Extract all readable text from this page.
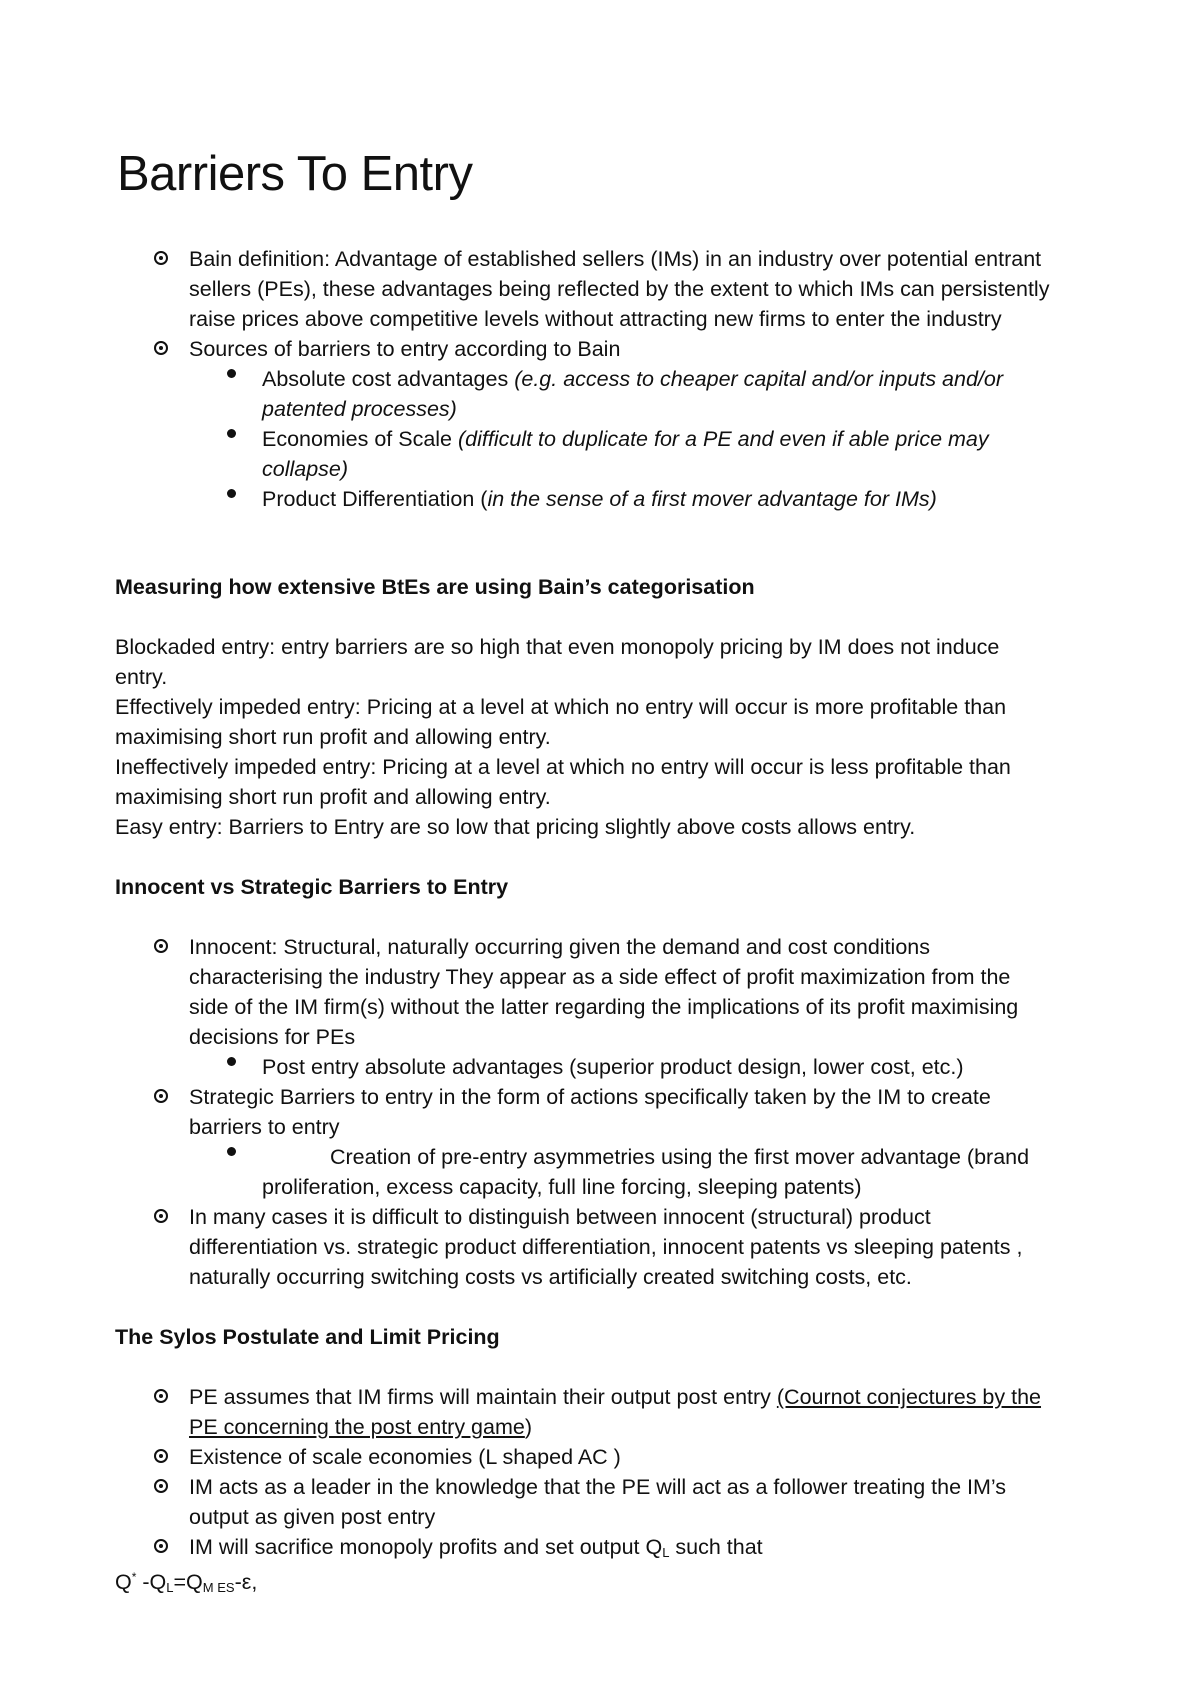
Barriers To Entry
Bain definition: Advantage of established sellers (IMs) in an industry over potential entrant
sellers (PEs), these advantages being reflected by the extent to which IMs can persistently
raise prices above competitive levels without attracting new firms to enter the industry
Sources of barriers to entry according to Bain
Absolute cost advantages (e.g. access to cheaper capital and/or inputs and/or
patented processes)
Economies of Scale (difficult to duplicate for a PE and even if able price may
collapse)
Product Differentiation (in the sense of a first mover advantage for IMs)
Measuring how extensive BtEs are using Bain’s categorisation
Blockaded entry: entry barriers are so high that even monopoly pricing by IM does not induce
entry.
Effectively impeded entry: Pricing at a level at which no entry will occur is more profitable than
maximising short run profit and allowing entry.
Ineffectively impeded entry: Pricing at a level at which no entry will occur is less profitable than
maximising short run profit and allowing entry.
Easy entry: Barriers to Entry are so low that pricing slightly above costs allows entry.
Innocent vs Strategic Barriers to Entry
Innocent: Structural, naturally occurring given the demand and cost conditions
characterising the industry They appear as a side effect of profit maximization from the
side of the IM firm(s) without the latter regarding the implications of its profit maximising
decisions for PEs
Post entry absolute advantages (superior product design, lower cost, etc.)
Strategic Barriers to entry in the form of actions specifically taken by the IM to create
barriers to entry
Creation of pre-entry asymmetries using the first mover advantage (brand
proliferation, excess capacity, full line forcing, sleeping patents)
In many cases it is difficult to distinguish between innocent (structural) product
differentiation vs. strategic product differentiation, innocent patents vs sleeping patents ,
naturally occurring switching costs vs artificially created switching costs, etc.
The Sylos Postulate and Limit Pricing
PE assumes that IM firms will maintain their output post entry (Cournot conjectures by the
PE concerning the post entry game)
Existence of scale economies (L shaped AC )
IM acts as a leader in the knowledge that the PE will act as a follower treating the IM’s
output as given post entry
IM will sacrifice monopoly profits and set output $Q_L$ such that
Q* $-Q_L=Q_{M ES}-\varepsilon$,
